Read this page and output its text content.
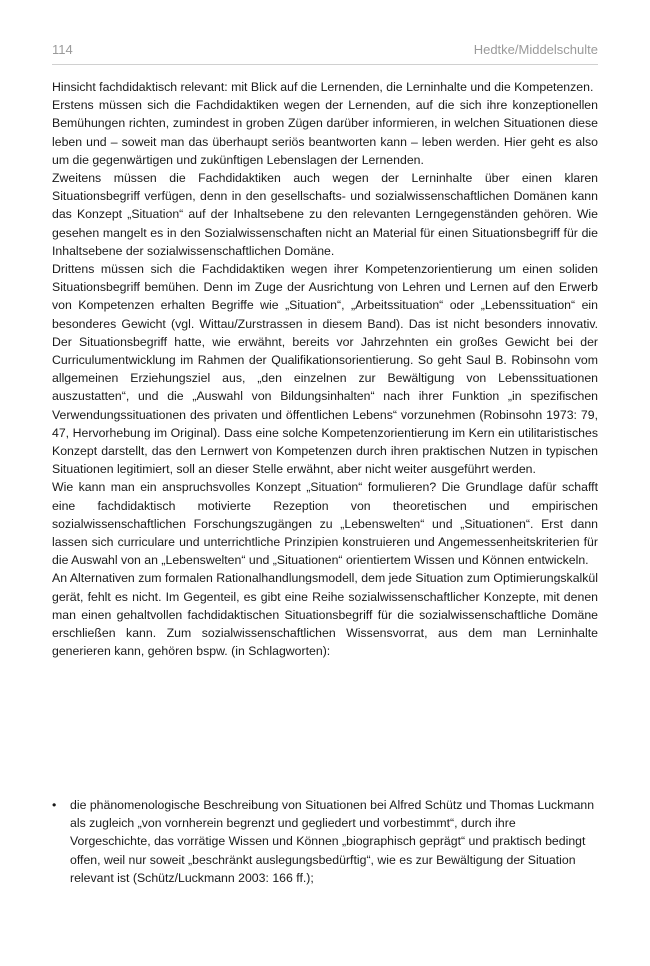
114	Hedtke/Middelschulte

Hinsicht fachdidaktisch relevant: mit Blick auf die Lernenden, die Lerninhalte und die Kompetenzen.

Erstens müssen sich die Fachdidaktiken wegen der Lernenden, auf die sich ihre konzeptionellen Bemühungen richten, zumindest in groben Zügen darüber informieren, in welchen Situationen diese leben und – soweit man das überhaupt seriös beantworten kann – leben werden. Hier geht es also um die gegenwärtigen und zukünftigen Lebenslagen der Lernenden.

Zweitens müssen die Fachdidaktiken auch wegen der Lerninhalte über einen klaren Situationsbegriff verfügen, denn in den gesellschafts- und sozialwissenschaftlichen Domänen kann das Konzept „Situation“ auf der Inhaltsebene zu den relevanten Lerngegenständen gehören. Wie gesehen mangelt es in den Sozialwissenschaften nicht an Material für einen Situationsbegriff für die Inhaltsebene der sozialwissenschaftlichen Domäne.

Drittens müssen sich die Fachdidaktiken wegen ihrer Kompetenzorientierung um einen soliden Situationsbegriff bemühen. Denn im Zuge der Ausrichtung von Lehren und Lernen auf den Erwerb von Kompetenzen erhalten Begriffe wie „Situation“, „Arbeitssituation“ oder „Lebenssituation“ ein besonderes Gewicht (vgl. Wittau/Zurstrassen in diesem Band). Das ist nicht besonders innovativ. Der Situationsbegriff hatte, wie erwähnt, bereits vor Jahrzehnten ein großes Gewicht bei der Curriculumentwicklung im Rahmen der Qualifikationsorientierung. So geht Saul B. Robinsohn vom allgemeinen Erziehungsziel aus, „den einzelnen zur Bewältigung von Lebenssituationen auszustatten“, und die „Auswahl von Bildungsinhalten“ nach ihrer Funktion „in spezifischen Verwendungssituationen des privaten und öffentlichen Lebens“ vorzunehmen (Robinsohn 1973: 79, 47, Hervorhebung im Original). Dass eine solche Kompetenzorientierung im Kern ein utilitaristisches Konzept darstellt, das den Lernwert von Kompetenzen durch ihren praktischen Nutzen in typischen Situationen legitimiert, soll an dieser Stelle erwähnt, aber nicht weiter ausgeführt werden.

Wie kann man ein anspruchsvolles Konzept „Situation“ formulieren? Die Grundlage dafür schafft eine fachdidaktisch motivierte Rezeption von theoretischen und empirischen sozialwissenschaftlichen Forschungszugängen zu „Lebenswelten“ und „Situationen“. Erst dann lassen sich curriculare und unterrichtliche Prinzipien konstruieren und Angemessenheitskriterien für die Auswahl von an „Lebenswelten“ und „Situationen“ orientiertem Wissen und Können entwickeln.

An Alternativen zum formalen Rationalhandlungsmodell, dem jede Situation zum Optimierungskalkül gerät, fehlt es nicht. Im Gegenteil, es gibt eine Reihe sozialwissenschaftlicher Konzepte, mit denen man einen gehaltvollen fachdidaktischen Situationsbegriff für die sozialwissenschaftliche Domäne erschließen kann. Zum sozialwissenschaftlichen Wissensvorrat, aus dem man Lerninhalte generieren kann, gehören bspw. (in Schlagworten):

• die phänomenologische Beschreibung von Situationen bei Alfred Schütz und Thomas Luckmann als zugleich „von vornherein begrenzt und gegliedert und vorbestimmt“, durch ihre Vorgeschichte, das vorrätige Wissen und Können „biographisch geprägt“ und praktisch bedingt offen, weil nur soweit „beschränkt auslegungsbedürftig“, wie es zur Bewältigung der Situation relevant ist (Schütz/Luckmann 2003: 166 ff.);
